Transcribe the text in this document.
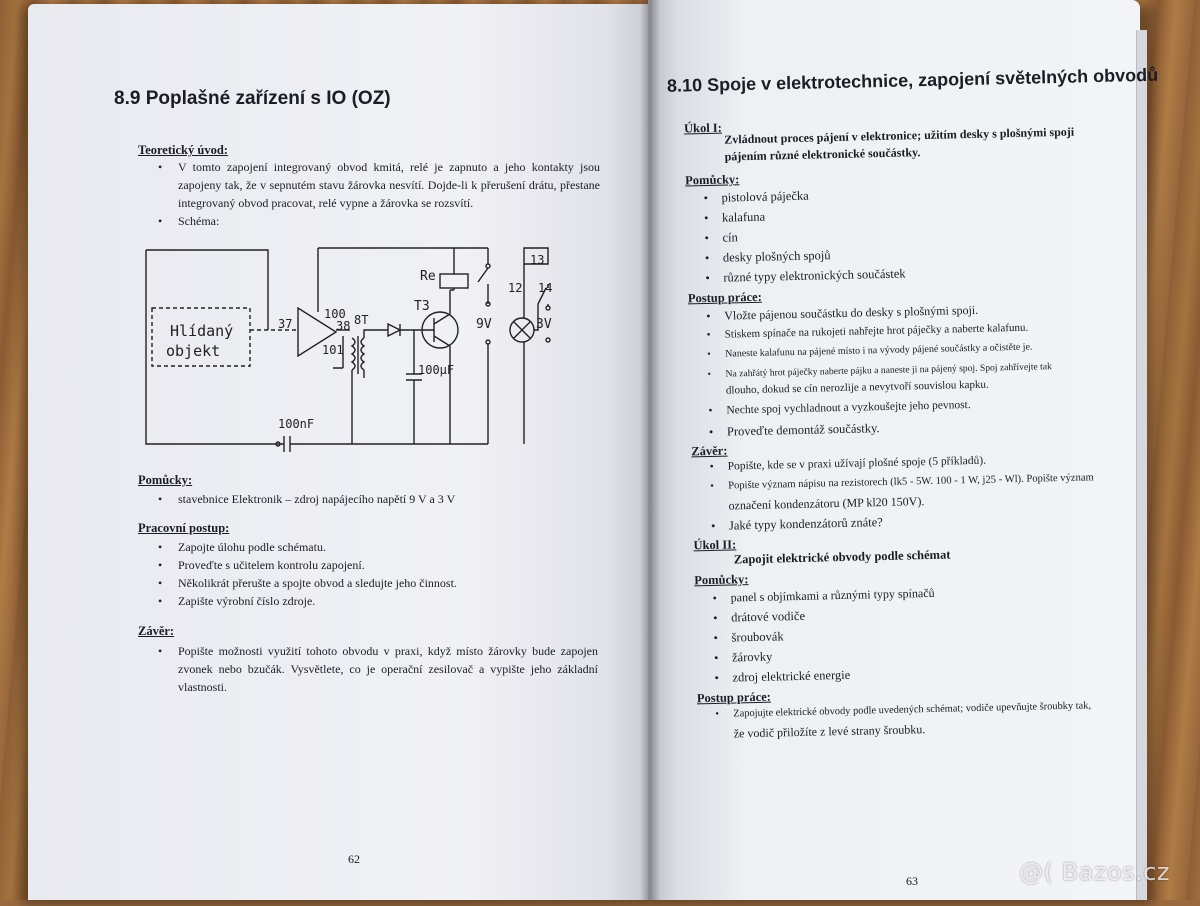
8.9 Poplašné zařízení s IO (OZ)
Teoretický úvod:
• V tomto zapojení integrovaný obvod kmitá, relé je zapnuto a jeho kontakty jsou zapojeny tak, že v sepnutém stavu žárovka nesvítí. Dojde-li k přerušení drátu, přestane integrovaný obvod pracovat, relé vypne a žárovka se rozsvítí.
• Schéma:
Hlídaný
objekt
37
100
101
38 8T
Re
T3
9V	3V
100μF
100nF
12
13
14
Pomůcky:
• stavebnice Elektronik – zdroj napájecího napětí 9 V a 3 V
Pracovní postup:
• Zapojte úlohu podle schématu.
• Proveďte s učitelem kontrolu zapojení.
• Několikrát přerušte a spojte obvod a sledujte jeho činnost.
• Zapište výrobní číslo zdroje.
Závěr:
• Popište možnosti využití tohoto obvodu v praxi, když místo žárovky bude zapojen zvonek nebo bzučák. Vysvětlete, co je operační zesilovač a vypište jeho základní vlastnosti.
62
8.10 Spoje v elektrotechnice, zapojení světelných obvodů
Úkol I: Zvládnout proces pájení v elektronice; užitím desky s plošnými spoji
pájením různé elektronické součástky.
Pomůcky:
• pistolová páječka
• kalafuna
• cín
• desky plošných spojů
• různé typy elektronických součástek
Postup práce:
• Vložte pájenou součástku do desky s plošnými spoji.
• Stiskem spínače na rukojeti nahřejte hrot páječky a naberte kalafunu.
• Naneste kalafunu na pájené místo i na vývody pájené součástky a očistěte je.
• Na zahřátý hrot páječky naberte pájku a naneste ji na pájený spoj. Spoj zahřívejte tak
dlouho, dokud se cín nerozlije a nevytvoří souvislou kapku.
• Nechte spoj vychladnout a vyzkoušejte jeho pevnost.
• Proveďte demontáž součástky.
Závěr:
• Popište, kde se v praxi užívají plošné spoje (5 příkladů).
• Popište význam nápisu na rezistorech (lk5 - 5W. 100 - 1 W, j25 - Wl). Popište význam
označení kondenzátoru (MP kl20 150V).
• Jaké typy kondenzátorů znáte?
Úkol II:
Zapojit elektrické obvody podle schémat
Pomůcky:
• panel s objímkami a různými typy spínačů
• drátové vodiče
• šroubovák
• žárovky
• zdroj elektrické energie
Postup práce:
• Zapojujte elektrické obvody podle uvedených schémat; vodiče upevňujte šroubky tak,
že vodič přiložíte z levé strany šroubku.
63	@( Bazos.cz
